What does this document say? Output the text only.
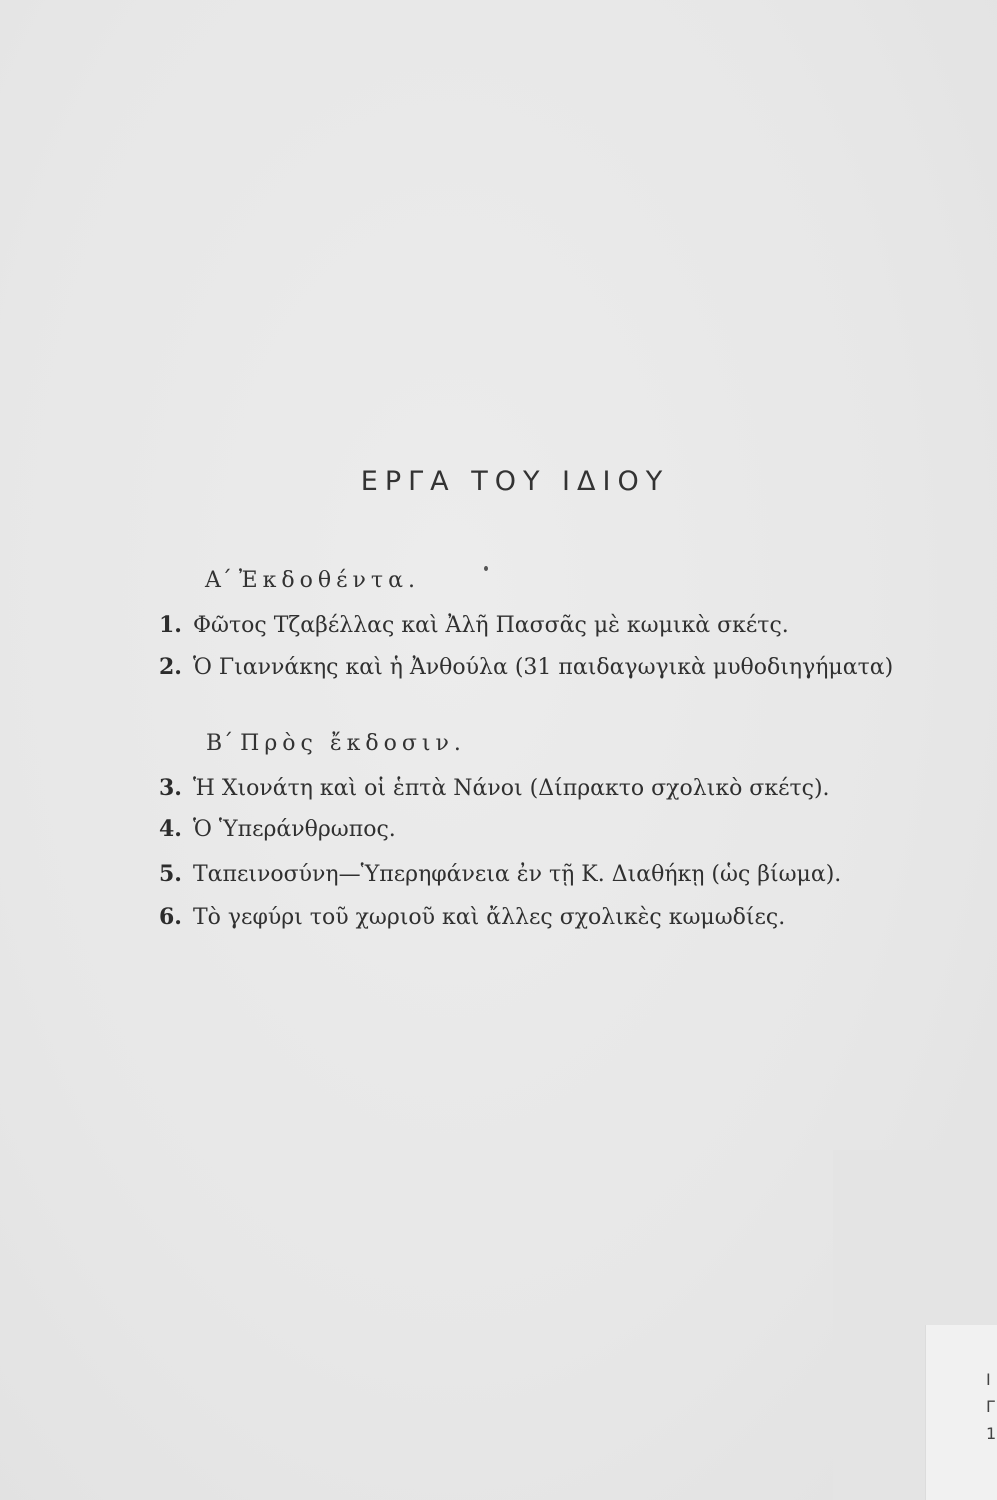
ΕΡΓΑ ΤΟΥ ΙΔΙΟΥ
Α΄ Ἐκδοθέντα.
1. Φῶτος Τζαβέλλας καὶ Ἀλῆ Πασσᾶς μὲ κωμικὰ σκέτς.
2. Ὁ Γιαννάκης καὶ ἡ Ἀνθούλα (31 παιδαγωγικὰ μυθοδιηγήματα)
Β΄ Πρὸς ἔκδοσιν.
3. Ἡ Χιονάτη καὶ οἱ ἑπτὰ Νάνοι (Δίπρακτο σχολικὸ σκέτς).
4. Ὁ Ὑπεράνθρωπος.
5. Ταπεινοσύνη—Ὑπερηφάνεια ἐν τῇ Κ. Διαθήκῃ (ὡς βίωμα).
6. Τὸ γεφύρι τοῦ χωριοῦ καὶ ἄλλες σχολικὲς κωμωδίες.
Ι
Γ
1
